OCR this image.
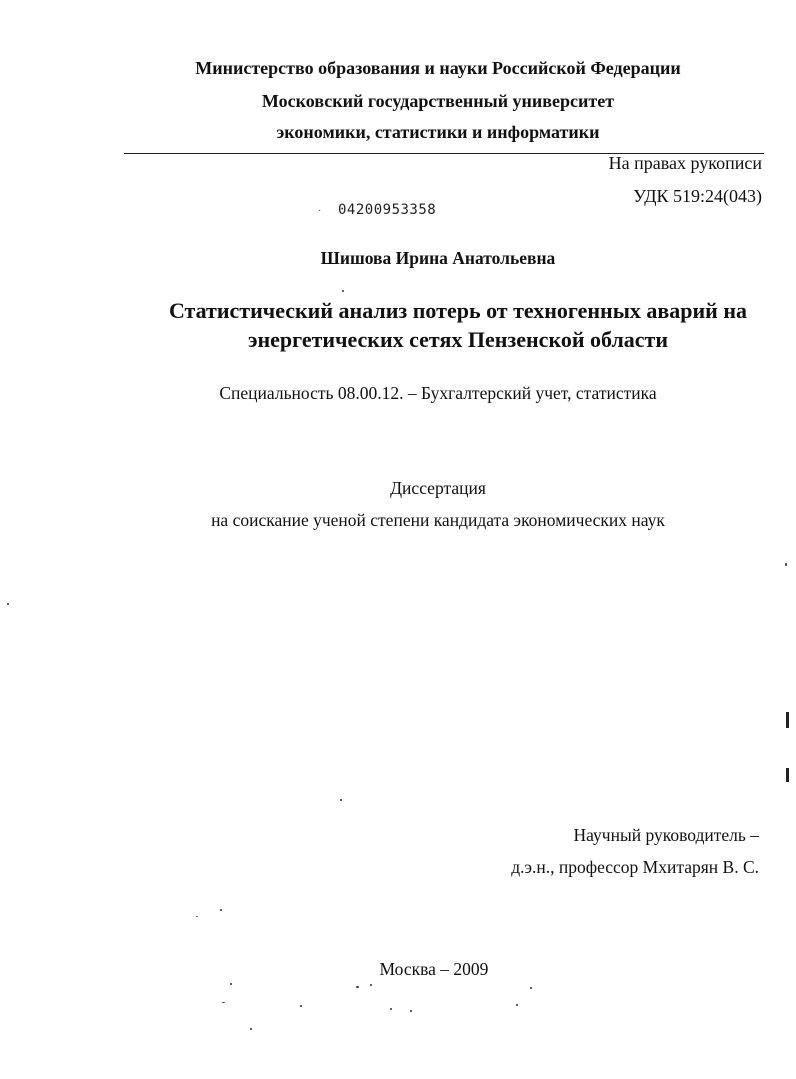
Министерство образования и науки Российской Федерации
Московский государственный университет
экономики, статистики и информатики
На правах рукописи
УДК 519:24(043)
· 04200953358
Шишова Ирина Анатольевна
Статистический анализ потерь от техногенных аварий на
энергетических сетях Пензенской области
Специальность 08.00.12. – Бухгалтерский учет, статистика
Диссертация
на соискание ученой степени кандидата экономических наук
Научный руководитель –
д.э.н., профессор Мхитарян В. С.
Москва – 2009
